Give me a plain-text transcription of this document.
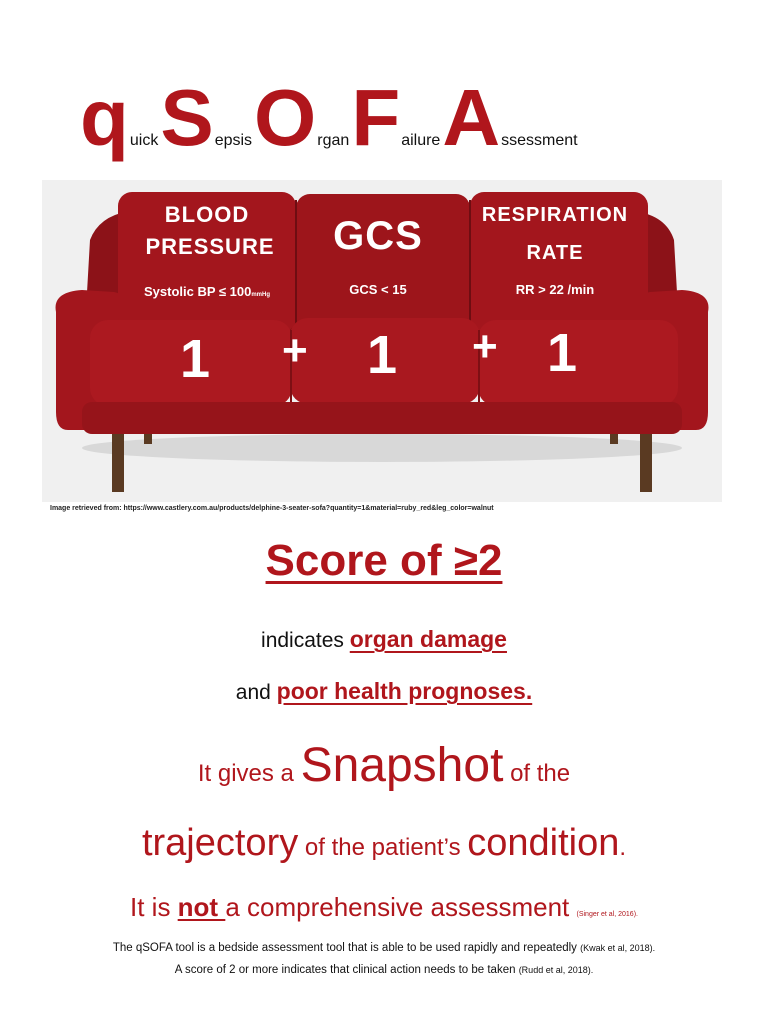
quickSepsisOrganFailureAssessment
BLOOD
PRESSURE	GCS	RESPIRATION
RATE
Systolic BP ≤ 100mmHg	GCS < 15	RR > 22 /min
1 + 1 + 1
Image retrieved from: https://www.castlery.com.au/products/delphine-3-seater-sofa?quantity=1&material=ruby_red&leg_color=walnut
Score of ≥2
indicates organ damage
and poor health prognoses.
It gives a Snapshot of the
trajectory of the patient’s condition.
It is not a comprehensive assessment (Singer et al, 2016).
The qSOFA tool is a bedside assessment tool that is able to be used rapidly and repeatedly (Kwak et al, 2018).
A score of 2 or more indicates that clinical action needs to be taken (Rudd et al, 2018).
